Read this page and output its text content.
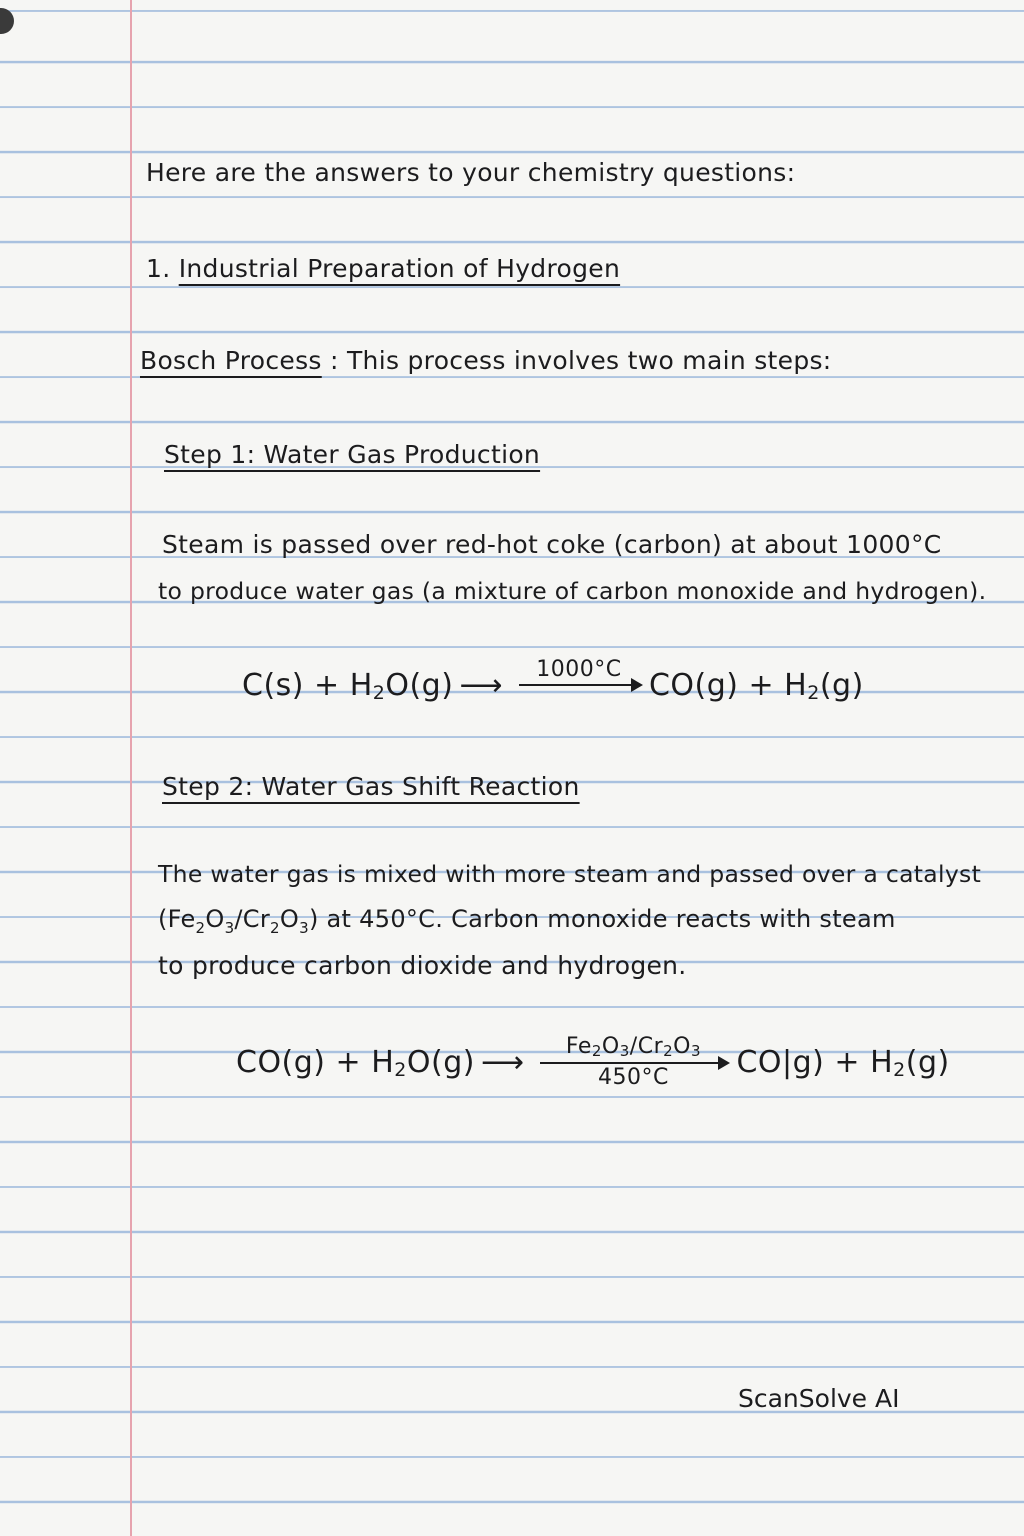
Here are the answers to your chemistry questions:
1. Industrial Preparation of Hydrogen
Bosch Process : This process involves two main steps:
Step 1: Water Gas Production
Steam is passed over red-hot coke (carbon) at about 1000°C
to produce water gas (a mixture of carbon monoxide and hydrogen).
$C(s) + H_2O(g)$ ⟶ 1000°C
$CO(g) + H_2(g)$
Step 2: Water Gas Shift Reaction
The water gas is mixed with more steam and passed over a catalyst
$(Fe_2O_3/Cr_2O_3)$ at 450°C. Carbon monoxide reacts with steam
to produce carbon dioxide and hydrogen.
$CO(g) + H_2O(g)$ ⟶ $Fe_2O_3/Cr_2O_3$
450°C $CO|g) + H_2(g)$
ScanSolve AI
